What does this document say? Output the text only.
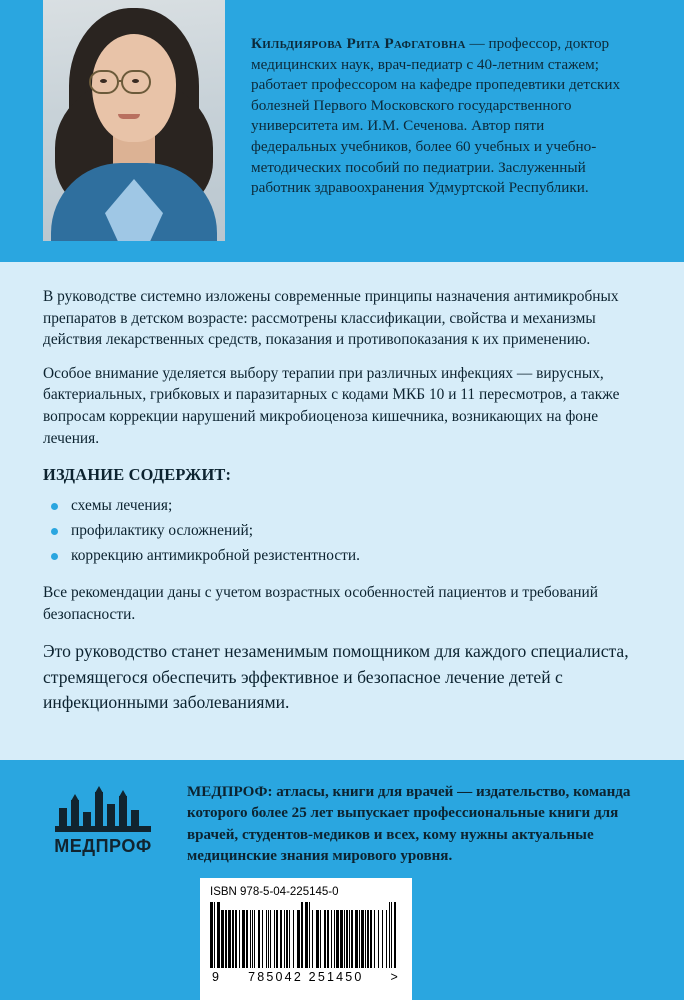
Кильдиярова Рита Рафгатовна — профессор, доктор медицинских наук, врач-педиатр с 40-летним стажем; работает профессором на кафедре пропедевтики детских болезней Первого Московского государственного университета им. И.М. Сеченова. Автор пяти федеральных учебников, более 60 учебных и учебно-методических пособий по педиатрии. Заслуженный работник здравоохранения Удмуртской Республики.

В руководстве системно изложены современные принципы назначения антимикробных препаратов в детском возрасте: рассмотрены классификации, свойства и механизмы действия лекарственных средств, показания и противопоказания к их применению.

Особое внимание уделяется выбору терапии при различных инфекциях — вирусных, бактериальных, грибковых и паразитарных с кодами МКБ 10 и 11 пересмотров, а также вопросам коррекции нарушений микробиоценоза кишечника, возникающих на фоне лечения.

ИЗДАНИЕ СОДЕРЖИТ:
схемы лечения;
профилактику осложнений;
коррекцию антимикробной резистентности.

Все рекомендации даны с учетом возрастных особенностей пациентов и требований безопасности.

Это руководство станет незаменимым помощником для каждого специалиста, стремящегося обеспечить эффективное и безопасное лечение детей с инфекционными заболеваниями.
МЕДПРОФ
МЕДПРОФ: атласы, книги для врачей — издательство, команда которого более 25 лет выпускает профессиональные книги для врачей, студентов-медиков и всех, кому нужны актуальные медицинские знания мирового уровня.
ISBN 978-5-04-225145-0
9 785042 251450 >
